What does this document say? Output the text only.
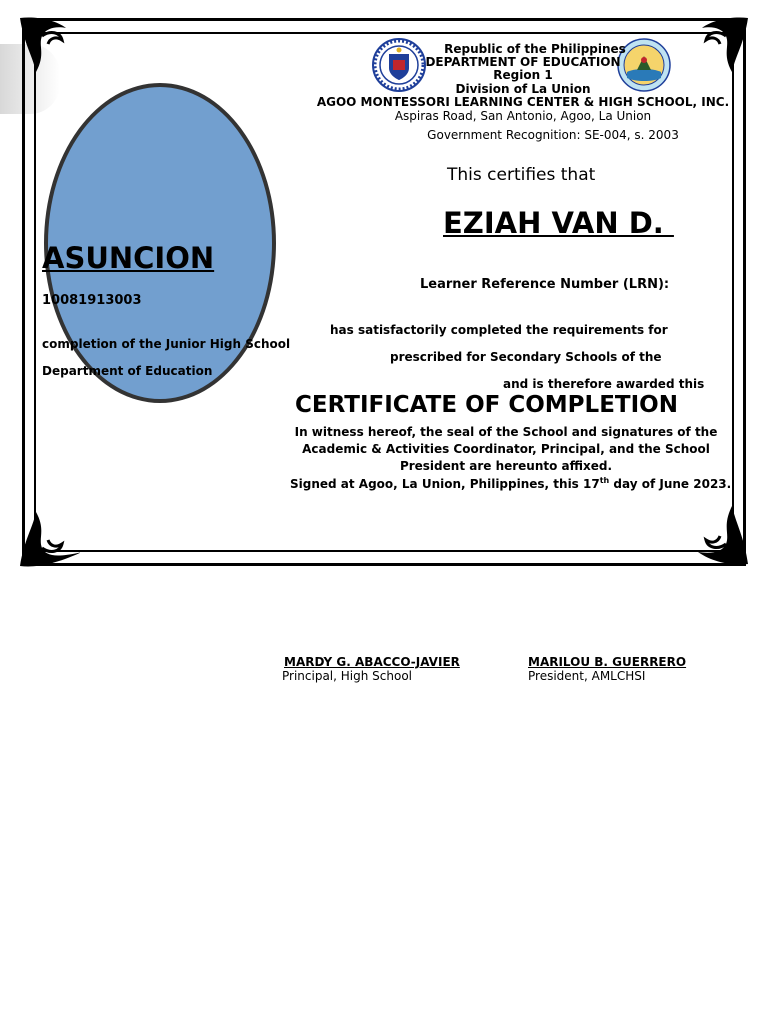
Republic of the Philippines
DEPARTMENT OF EDUCATION
Region 1
Division of La Union
AGOO MONTESSORI LEARNING CENTER & HIGH SCHOOL, INC.
Aspiras Road, San Antonio, Agoo, La Union
Government Recognition: SE-004, s. 2003
This certifies that
EZIAH VAN D.
ASUNCION
Learner Reference Number (LRN):
10081913003
has satisfactorily completed the requirements for
completion of the Junior High School
prescribed for Secondary Schools of the
Department of Education
and is therefore awarded this
CERTIFICATE OF COMPLETION
In witness hereof, the seal of the School and signatures of the
Academic & Activities Coordinator, Principal, and the School
President are hereunto affixed.
Signed at Agoo, La Union, Philippines, this 17th day of June 2023.
MARDY G. ABACCO-JAVIER
Principal, High School
MARILOU B. GUERRERO
President, AMLCHSI
